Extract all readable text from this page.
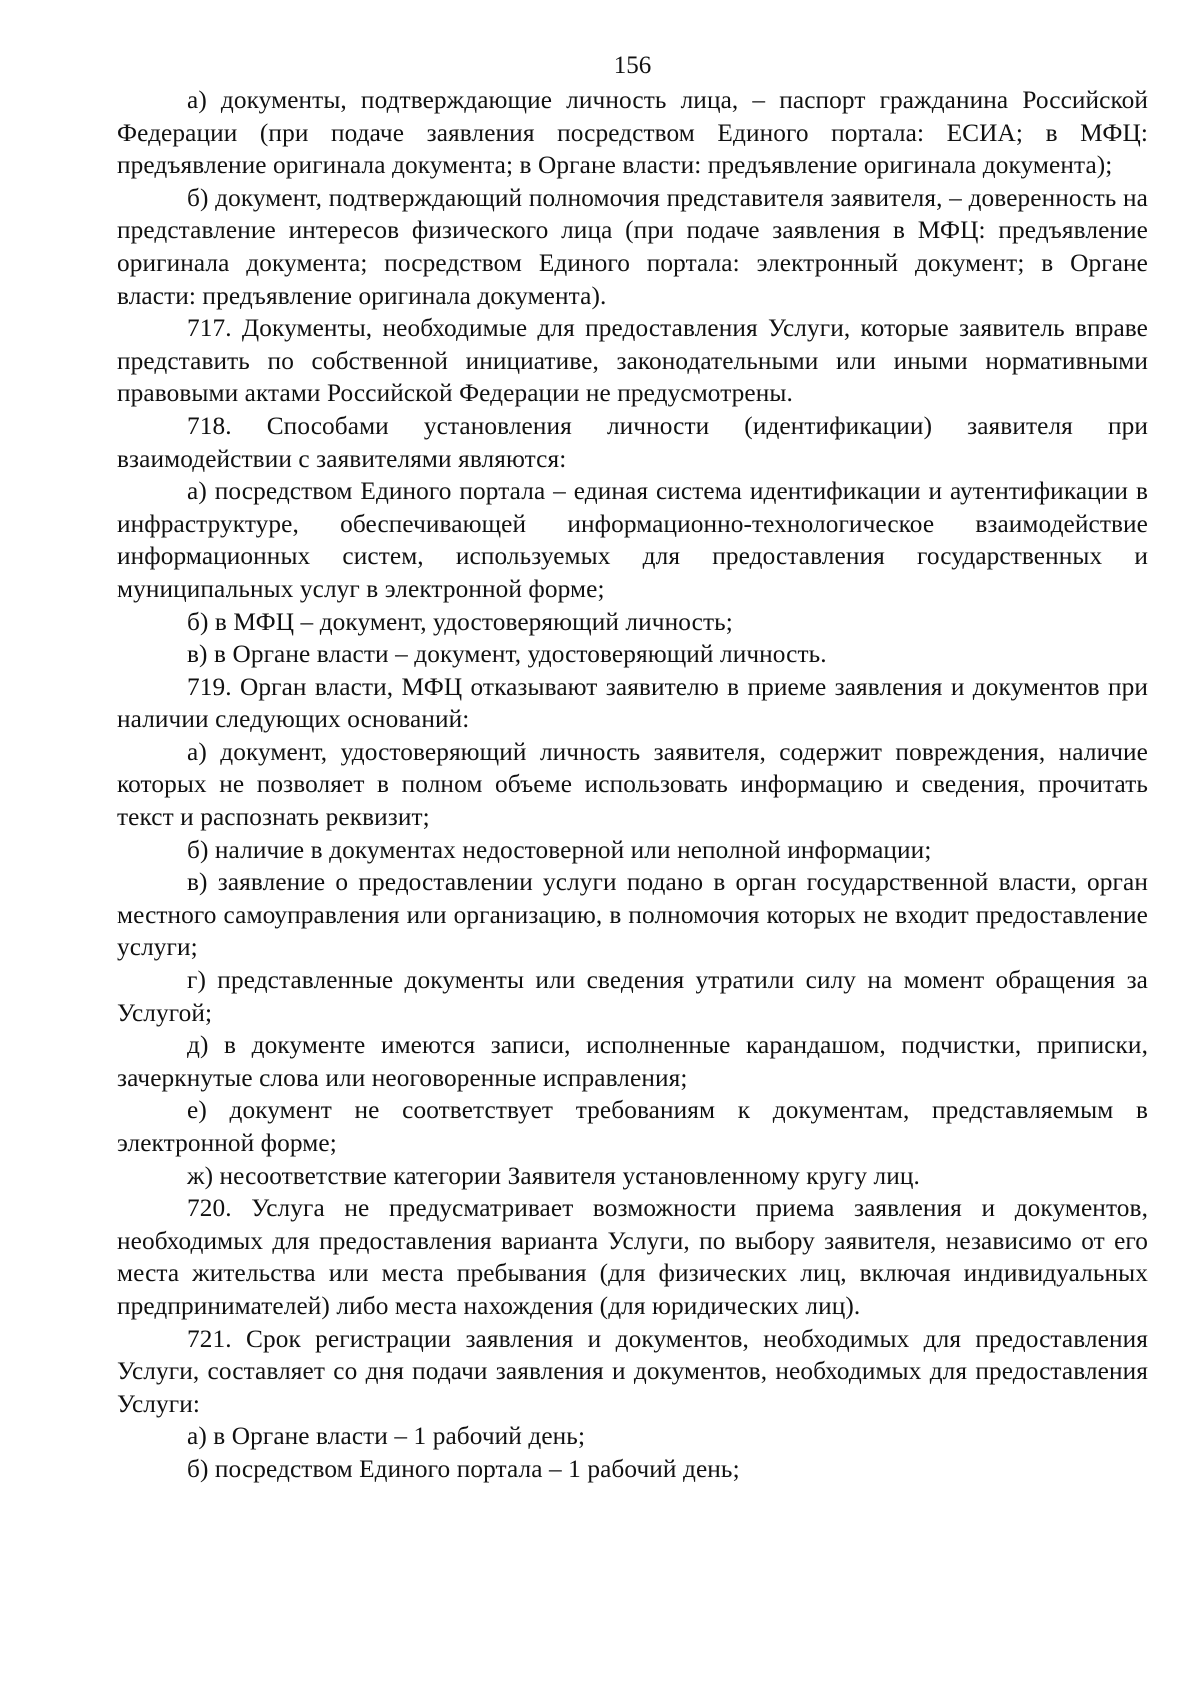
156

а) документы, подтверждающие личность лица, – паспорт гражданина Российской Федерации (при подаче заявления посредством Единого портала: ЕСИА; в МФЦ: предъявление оригинала документа; в Органе власти: предъявление оригинала документа);

б) документ, подтверждающий полномочия представителя заявителя, – доверенность на представление интересов физического лица (при подаче заявления в МФЦ: предъявление оригинала документа; посредством Единого портала: электронный документ; в Органе власти: предъявление оригинала документа).

717. Документы, необходимые для предоставления Услуги, которые заявитель вправе представить по собственной инициативе, законодательными или иными нормативными правовыми актами Российской Федерации не предусмотрены.

718. Способами установления личности (идентификации) заявителя при взаимодействии с заявителями являются:

а) посредством Единого портала – единая система идентификации и аутентификации в инфраструктуре, обеспечивающей информационно-технологическое взаимодействие информационных систем, используемых для предоставления государственных и муниципальных услуг в электронной форме;

б) в МФЦ – документ, удостоверяющий личность;

в) в Органе власти – документ, удостоверяющий личность.

719. Орган власти, МФЦ отказывают заявителю в приеме заявления и документов при наличии следующих оснований:

а) документ, удостоверяющий личность заявителя, содержит повреждения, наличие которых не позволяет в полном объеме использовать информацию и сведения, прочитать текст и распознать реквизит;

б) наличие в документах недостоверной или неполной информации;

в) заявление о предоставлении услуги подано в орган государственной власти, орган местного самоуправления или организацию, в полномочия которых не входит предоставление услуги;

г) представленные документы или сведения утратили силу на момент обращения за Услугой;

д) в документе имеются записи, исполненные карандашом, подчистки, приписки, зачеркнутые слова или неоговоренные исправления;

е) документ не соответствует требованиям к документам, представляемым в электронной форме;

ж) несоответствие категории Заявителя установленному кругу лиц.

720. Услуга не предусматривает возможности приема заявления и документов, необходимых для предоставления варианта Услуги, по выбору заявителя, независимо от его места жительства или места пребывания (для физических лиц, включая индивидуальных предпринимателей) либо места нахождения (для юридических лиц).

721. Срок регистрации заявления и документов, необходимых для предоставления Услуги, составляет со дня подачи заявления и документов, необходимых для предоставления Услуги:

а) в Органе власти – 1 рабочий день;

б) посредством Единого портала – 1 рабочий день;
